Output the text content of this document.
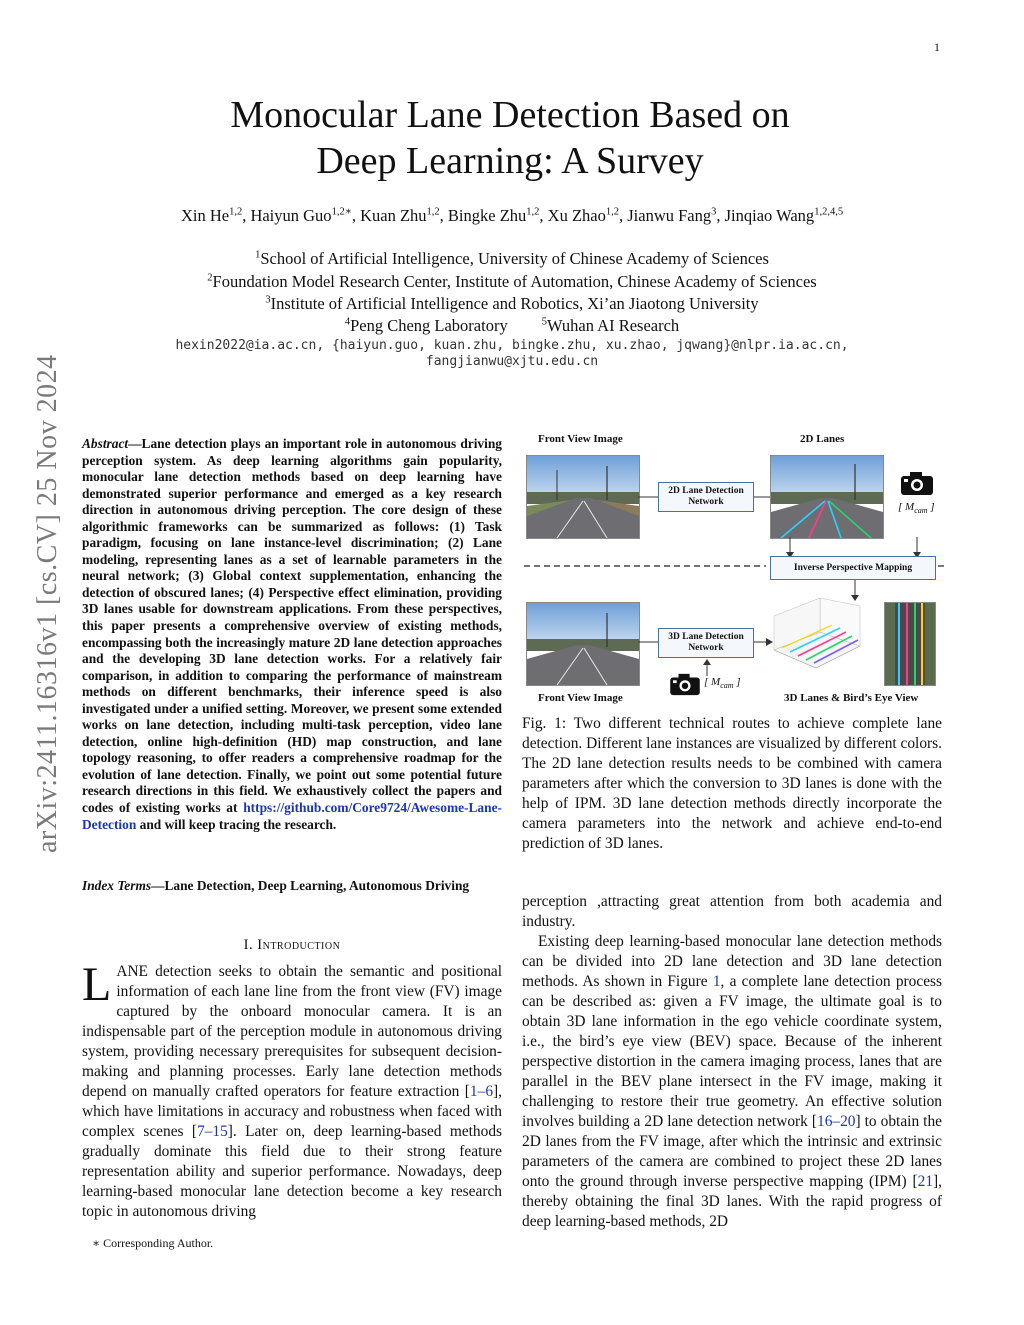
1
arXiv:2411.16316v1 [cs.CV] 25 Nov 2024
Monocular Lane Detection Based on
Deep Learning: A Survey
Xin He$^{1,2}$, Haiyun Guo$^{1,2∗}$, Kuan Zhu$^{1,2}$, Bingke Zhu$^{1,2}$, Xu Zhao$^{1,2}$, Jianwu Fang$^3$, Jinqiao Wang$^{1,2,4,5}$
$^1$School of Artificial Intelligence, University of Chinese Academy of Sciences
$^2$Foundation Model Research Center, Institute of Automation, Chinese Academy of Sciences
$^3$Institute of Artificial Intelligence and Robotics, Xi’an Jiaotong University
$^4$Peng Cheng Laboratory	$^5$Wuhan AI Research
hexin2022@ia.ac.cn, {haiyun.guo, kuan.zhu, bingke.zhu, xu.zhao, jqwang}@nlpr.ia.ac.cn,
fangjianwu@xjtu.edu.cn
Abstract—Lane detection plays an important role in autonomous driving perception system. As deep learning algorithms gain popularity, monocular lane detection methods based on deep learning have demonstrated superior performance and emerged as a key research direction in autonomous driving perception. The core design of these algorithmic frameworks can be summarized as follows: (1) Task paradigm, focusing on lane instance-level discrimination; (2) Lane modeling, representing lanes as a set of learnable parameters in the neural network; (3) Global context supplementation, enhancing the detection of obscured lanes; (4) Perspective effect elimination, providing 3D lanes usable for downstream applications. From these perspectives, this paper presents a comprehensive overview of existing methods, encompassing both the increasingly mature 2D lane detection approaches and the developing 3D lane detection works. For a relatively fair comparison, in addition to comparing the performance of mainstream methods on different benchmarks, their inference speed is also investigated under a unified setting. Moreover, we present some extended works on lane detection, including multi-task perception, video lane detection, online high-definition (HD) map construction, and lane topology reasoning, to offer readers a comprehensive roadmap for the evolution of lane detection. Finally, we point out some potential future research directions in this field. We exhaustively collect the papers and codes of existing works at https://github.com/Core9724/Awesome-Lane-Detection and will keep tracing the research.
Index Terms—Lane Detection, Deep Learning, Autonomous Driving
I. Introduction
LANE detection seeks to obtain the semantic and positional information of each lane line from the front view (FV) image captured by the onboard monocular camera. It is an indispensable part of the perception module in autonomous driving system, providing necessary prerequisites for subsequent decision-making and planning processes. Early lane detection methods depend on manually crafted operators for feature extraction [1–6], which have limitations in accuracy and robustness when faced with complex scenes [7–15]. Later on, deep learning-based methods gradually dominate this field due to their strong feature representation ability and superior performance. Nowadays, deep learning-based monocular lane detection become a key research topic in autonomous driving
∗ Corresponding Author.
Front View Image	2D Lanes
2D Lane Detection Network	[ $M_{cam}$ ]
Inverse Perspective Mapping
3D Lane Detection Network
[ $M_{cam}$ ]
Front View Image	3D Lanes & Bird’s Eye View
Fig. 1: Two different technical routes to achieve complete lane detection. Different lane instances are visualized by different colors. The 2D lane detection results needs to be combined with camera parameters after which the conversion to 3D lanes is done with the help of IPM. 3D lane detection methods directly incorporate the camera parameters into the network and achieve end-to-end prediction of 3D lanes.

perception ,attracting great attention from both academia and industry.

Existing deep learning-based monocular lane detection methods can be divided into 2D lane detection and 3D lane detection methods. As shown in Figure 1, a complete lane detection process can be described as: given a FV image, the ultimate goal is to obtain 3D lane information in the ego vehicle coordinate system, i.e., the bird’s eye view (BEV) space. Because of the inherent perspective distortion in the camera imaging process, lanes that are parallel in the BEV plane intersect in the FV image, making it challenging to restore their true geometry. An effective solution involves building a 2D lane detection network [16–20] to obtain the 2D lanes from the FV image, after which the intrinsic and extrinsic parameters of the camera are combined to project these 2D lanes onto the ground through inverse perspective mapping (IPM) [21], thereby obtaining the final 3D lanes. With the rapid progress of deep learning-based methods, 2D
